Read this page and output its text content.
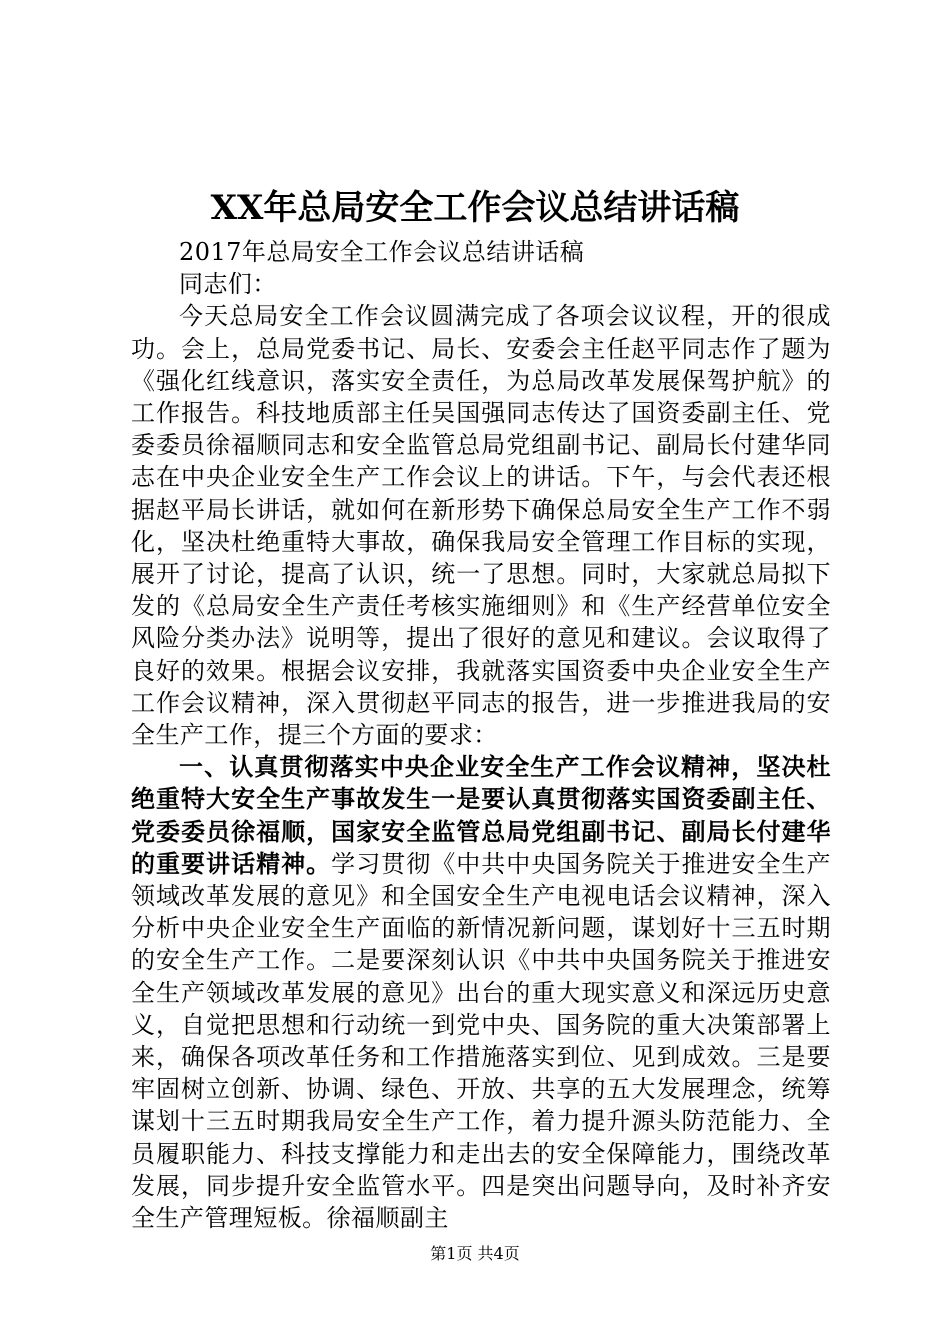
XX年总局安全工作会议总结讲话稿

2017年总局安全工作会议总结讲话稿

同志们：

今天总局安全工作会议圆满完成了各项会议议程，开的很成功。会上，总局党委书记、局长、安委会主任赵平同志作了题为《强化红线意识，落实安全责任，为总局改革发展保驾护航》的工作报告。科技地质部主任吴国强同志传达了国资委副主任、党委委员徐福顺同志和安全监管总局党组副书记、副局长付建华同志在中央企业安全生产工作会议上的讲话。下午，与会代表还根据赵平局长讲话，就如何在新形势下确保总局安全生产工作不弱化，坚决杜绝重特大事故，确保我局安全管理工作目标的实现，展开了讨论，提高了认识，统一了思想。同时，大家就总局拟下发的《总局安全生产责任考核实施细则》和《生产经营单位安全风险分类办法》说明等，提出了很好的意见和建议。会议取得了良好的效果。根据会议安排，我就落实国资委中央企业安全生产工作会议精神，深入贯彻赵平同志的报告，进一步推进我局的安全生产工作，提三个方面的要求：

一、认真贯彻落实中央企业安全生产工作会议精神，坚决杜绝重特大安全生产事故发生一是要认真贯彻落实国资委副主任、党委委员徐福顺，国家安全监管总局党组副书记、副局长付建华的重要讲话精神。学习贯彻《中共中央国务院关于推进安全生产领域改革发展的意见》和全国安全生产电视电话会议精神，深入分析中央企业安全生产面临的新情况新问题，谋划好十三五时期的安全生产工作。二是要深刻认识《中共中央国务院关于推进安全生产领域改革发展的意见》出台的重大现实意义和深远历史意义，自觉把思想和行动统一到党中央、国务院的重大决策部署上来，确保各项改革任务和工作措施落实到位、见到成效。三是要牢固树立创新、协调、绿色、开放、共享的五大发展理念，统筹谋划十三五时期我局安全生产工作，着力提升源头防范能力、全员履职能力、科技支撑能力和走出去的安全保障能力，围绕改革发展，同步提升安全监管水平。四是突出问题导向，及时补齐安全生产管理短板。徐福顺副主

第1页 共4页
